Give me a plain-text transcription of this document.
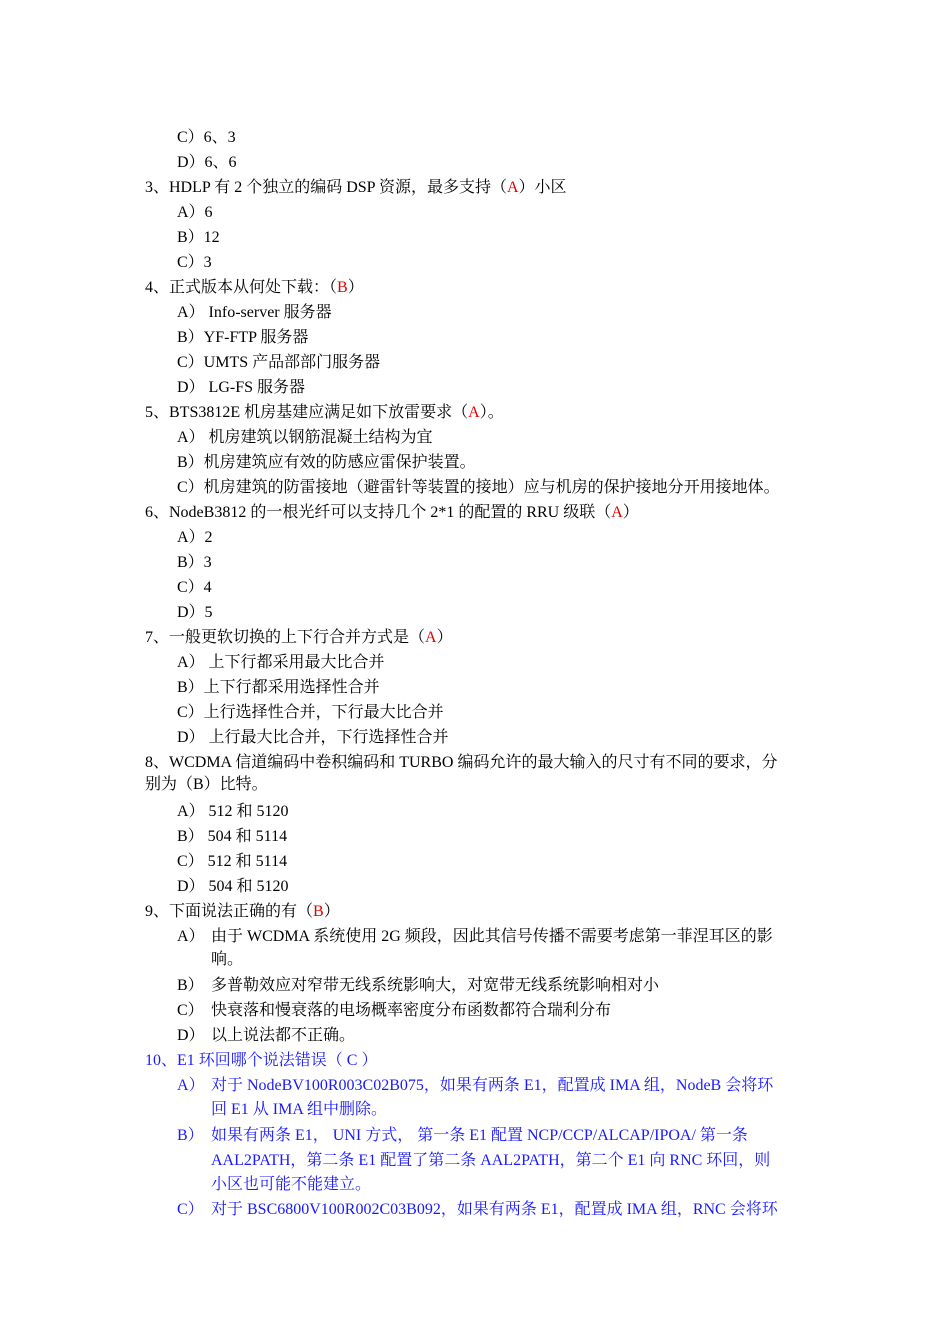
C）6、3
D）6、6
3、HDLP 有 2 个独立的编码 DSP 资源，最多支持（A）小区
A）6
B）12
C）3
4、正式版本从何处下载：（B）
A） Info-server 服务器
B）YF-FTP 服务器
C）UMTS 产品部部门服务器
D） LG-FS 服务器
5、BTS3812E 机房基建应满足如下放雷要求（A）。
A） 机房建筑以钢筋混凝土结构为宜
B）机房建筑应有效的防感应雷保护装置。
C）机房建筑的防雷接地（避雷针等装置的接地）应与机房的保护接地分开用接地体。
6、NodeB3812 的一根光纤可以支持几个 2*1 的配置的 RRU 级联（A）
A）2
B）3
C）4
D）5
7、一般更软切换的上下行合并方式是（A）
A） 上下行都采用最大比合并
B）上下行都采用选择性合并
C）上行选择性合并，下行最大比合并
D） 上行最大比合并，下行选择性合并
8、WCDMA 信道编码中卷积编码和 TURBO 编码允许的最大输入的尺寸有不同的要求，分
别为（B）比特。
A） 512 和 5120
B） 504 和 5114
C） 512 和 5114
D） 504 和 5120
9、下面说法正确的有（B）
A） 由于 WCDMA 系统使用 2G 频段，因此其信号传播不需要考虑第一菲涅耳区的影
响。
B） 多普勒效应对窄带无线系统影响大，对宽带无线系统影响相对小
C） 快衰落和慢衰落的电场概率密度分布函数都符合瑞利分布
D） 以上说法都不正确。
10、E1 环回哪个说法错误（ C ）
A） 对于 NodeBV100R003C02B075，如果有两条 E1，配置成 IMA 组，NodeB 会将环
回 E1 从 IMA 组中删除。
B） 如果有两条 E1， UNI 方式， 第一条 E1 配置 NCP/CCP/ALCAP/IPOA/ 第一条
AAL2PATH，第二条 E1 配置了第二条 AAL2PATH，第二个 E1 向 RNC 环回，则
小区也可能不能建立。
C） 对于 BSC6800V100R002C03B092，如果有两条 E1，配置成 IMA 组，RNC 会将环
